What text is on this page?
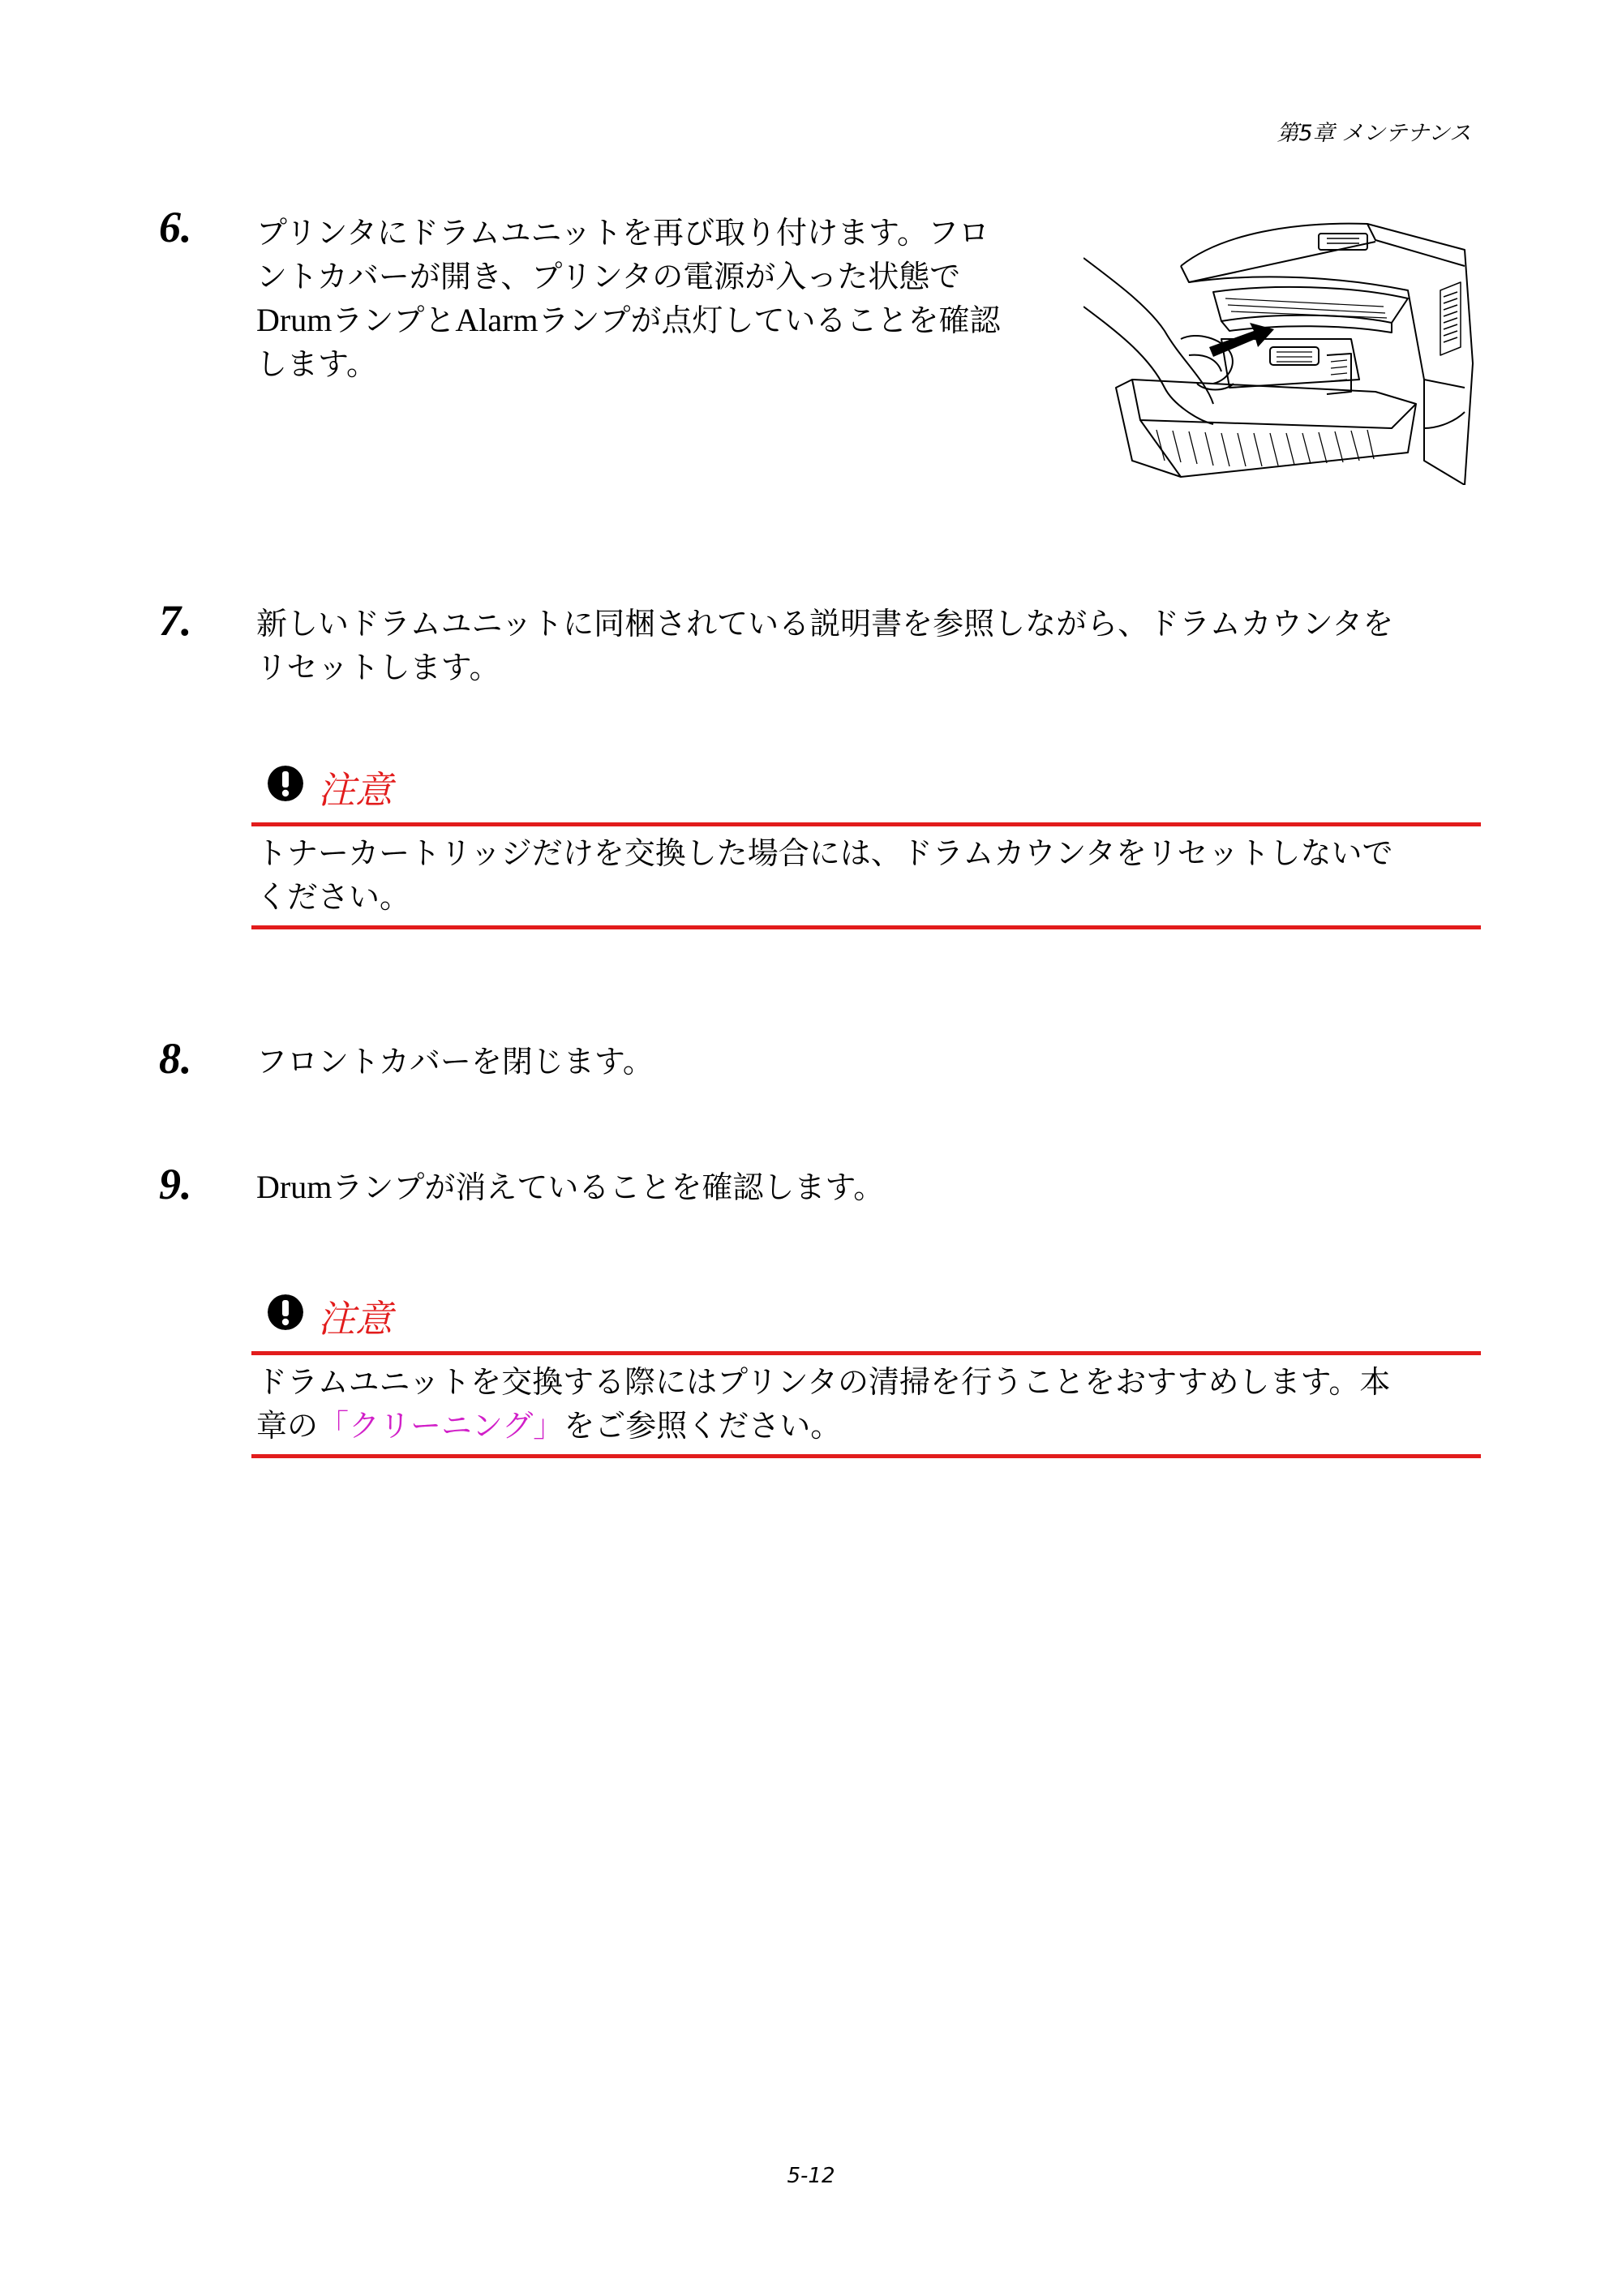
第5章 メンテナンス
6. プリンタにドラムユニットを再び取り付けます。フロ
ントカバーが開き、プリンタの電源が入った状態で
DrumランプとAlarmランプが点灯していることを確認
します。
7. 新しいドラムユニットに同梱されている説明書を参照しながら、ドラムカウンタを
リセットします。
注意
トナーカートリッジだけを交換した場合には、ドラムカウンタをリセットしないで
ください。
8. フロントカバーを閉じます。
9. Drumランプが消えていることを確認します。
注意
ドラムユニットを交換する際にはプリンタの清掃を行うことをおすすめします。本
章の「クリーニング」をご参照ください。
5-12
